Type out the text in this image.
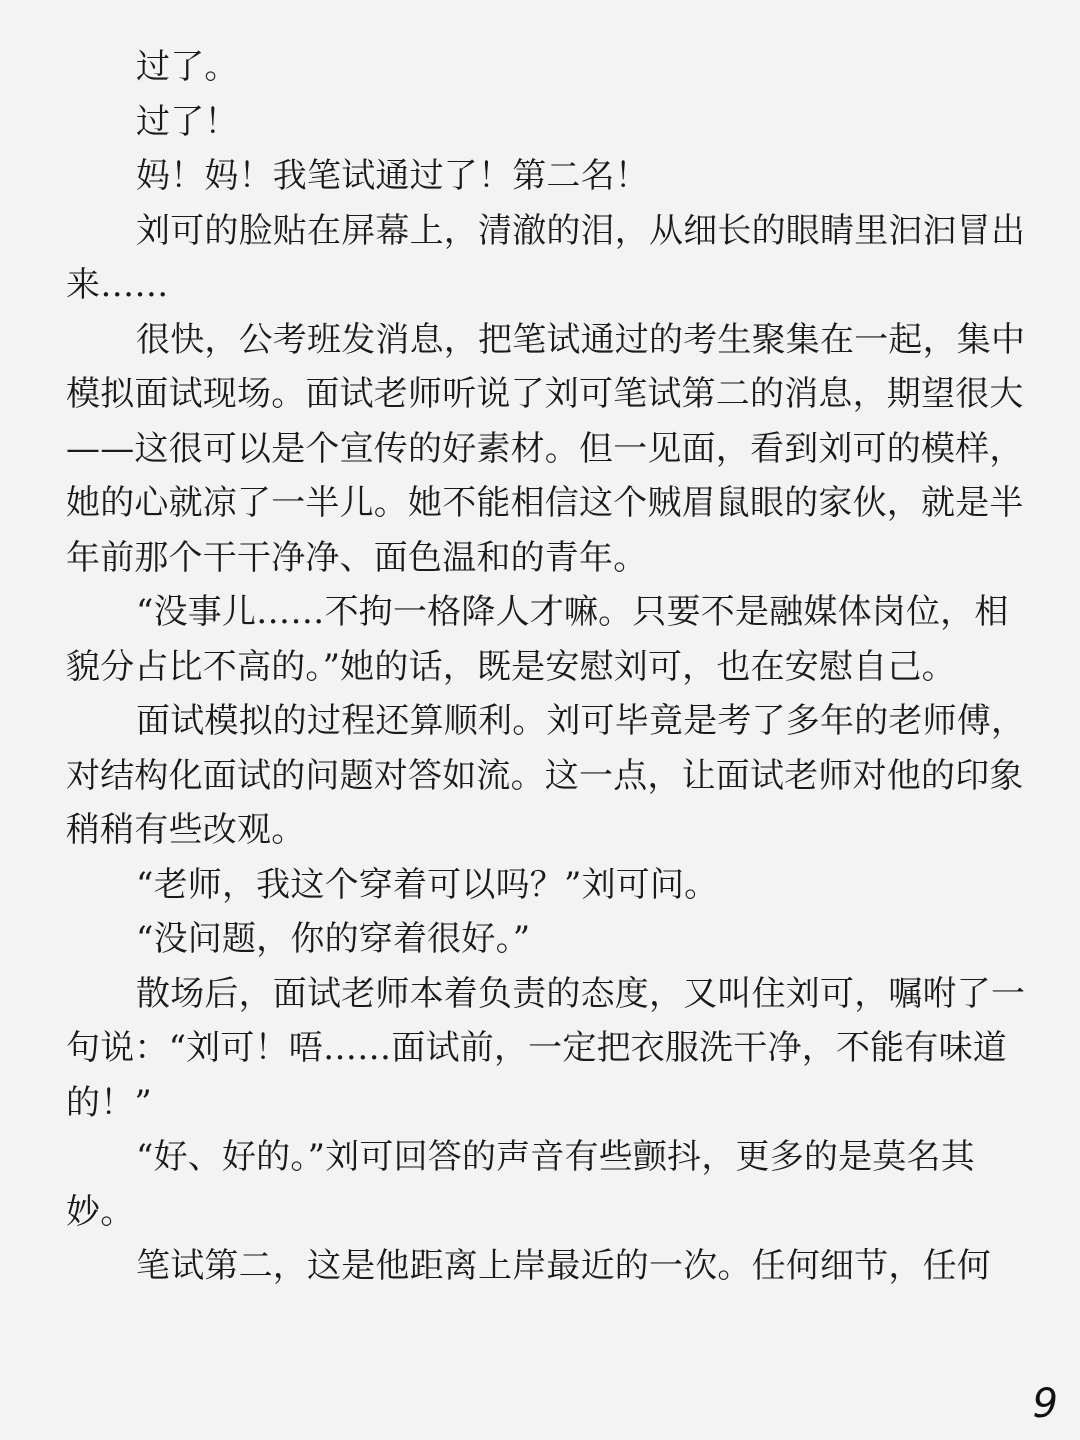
过了。

过了！

妈！妈！我笔试通过了！第二名！

刘可的脸贴在屏幕上，清澈的泪，从细长的眼睛里汩汩冒出来……

很快，公考班发消息，把笔试通过的考生聚集在一起，集中模拟面试现场。面试老师听说了刘可笔试第二的消息，期望很大——这很可以是个宣传的好素材。但一见面，看到刘可的模样，她的心就凉了一半儿。她不能相信这个贼眉鼠眼的家伙，就是半年前那个干干净净、面色温和的青年。

“没事儿……不拘一格降人才嘛。只要不是融媒体岗位，相貌分占比不高的。”她的话，既是安慰刘可，也在安慰自己。

面试模拟的过程还算顺利。刘可毕竟是考了多年的老师傅，对结构化面试的问题对答如流。这一点，让面试老师对他的印象稍稍有些改观。

“老师，我这个穿着可以吗？”刘可问。

“没问题，你的穿着很好。”

散场后，面试老师本着负责的态度，又叫住刘可，嘱咐了一句说：“刘可！唔……面试前，一定把衣服洗干净，不能有味道的！”

“好、好的。”刘可回答的声音有些颤抖，更多的是莫名其妙。

笔试第二，这是他距离上岸最近的一次。任何细节，任何

9
